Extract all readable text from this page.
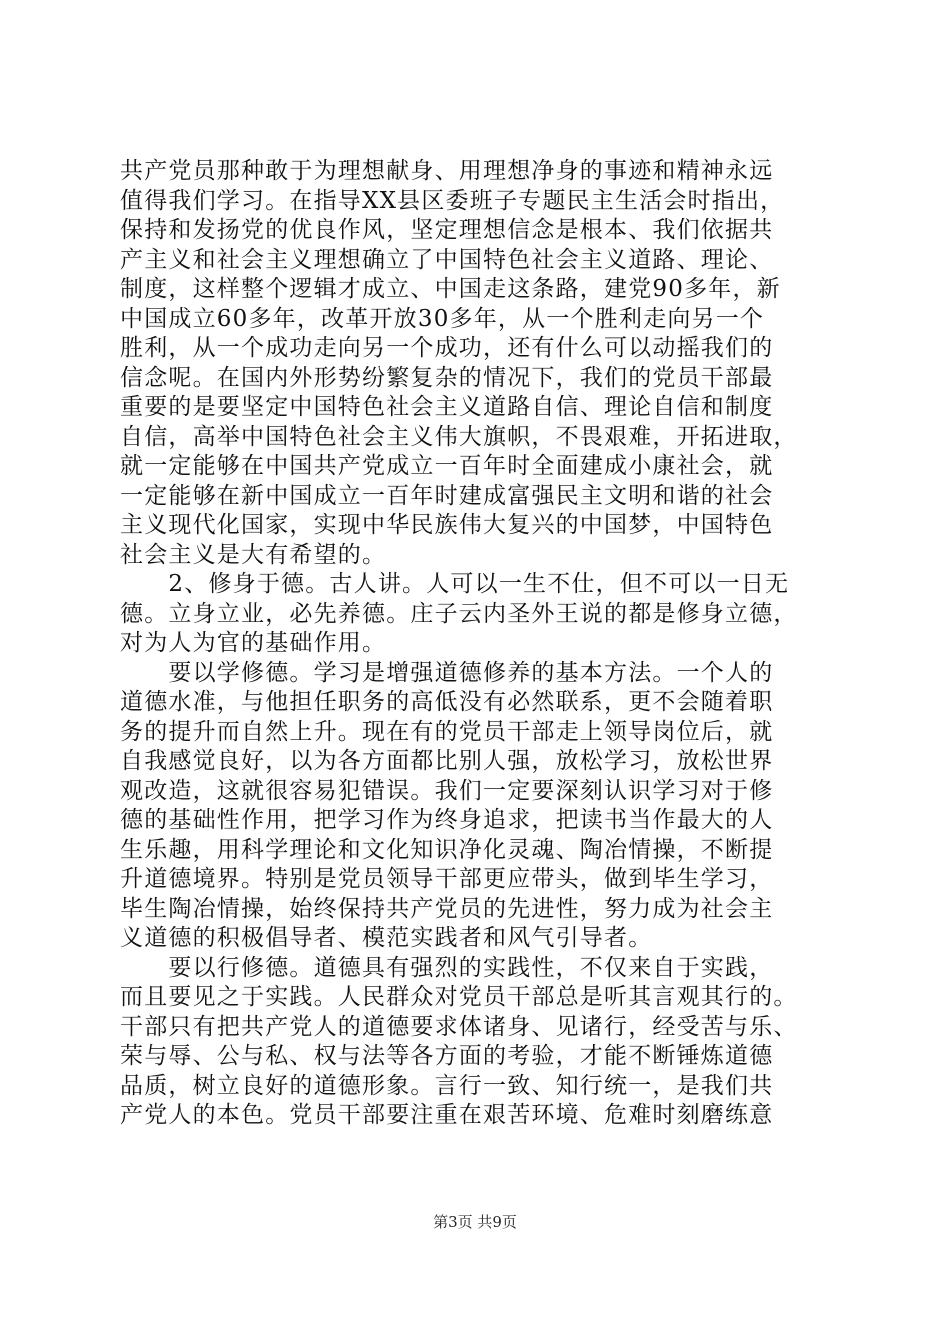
共产党员那种敢于为理想献身、用理想净身的事迹和精神永远
值得我们学习。在指导XX县区委班子专题民主生活会时指出，
保持和发扬党的优良作风，坚定理想信念是根本、我们依据共
产主义和社会主义理想确立了中国特色社会主义道路、理论、
制度，这样整个逻辑才成立、中国走这条路，建党90多年，新
中国成立60多年，改革开放30多年，从一个胜利走向另一个
胜利，从一个成功走向另一个成功，还有什么可以动摇我们的
信念呢。在国内外形势纷繁复杂的情况下，我们的党员干部最
重要的是要坚定中国特色社会主义道路自信、理论自信和制度
自信，高举中国特色社会主义伟大旗帜，不畏艰难，开拓进取，
就一定能够在中国共产党成立一百年时全面建成小康社会，就
一定能够在新中国成立一百年时建成富强民主文明和谐的社会
主义现代化国家，实现中华民族伟大复兴的中国梦，中国特色
社会主义是大有希望的。
　　2、修身于德。古人讲。人可以一生不仕，但不可以一日无
德。立身立业，必先养德。庄子云内圣外王说的都是修身立德，
对为人为官的基础作用。
　　要以学修德。学习是增强道德修养的基本方法。一个人的
道德水准，与他担任职务的高低没有必然联系，更不会随着职
务的提升而自然上升。现在有的党员干部走上领导岗位后，就
自我感觉良好，以为各方面都比别人强，放松学习，放松世界
观改造，这就很容易犯错误。我们一定要深刻认识学习对于修
德的基础性作用，把学习作为终身追求，把读书当作最大的人
生乐趣，用科学理论和文化知识净化灵魂、陶冶情操，不断提
升道德境界。特别是党员领导干部更应带头，做到毕生学习，
毕生陶冶情操，始终保持共产党员的先进性，努力成为社会主
义道德的积极倡导者、模范实践者和风气引导者。
　　要以行修德。道德具有强烈的实践性，不仅来自于实践，
而且要见之于实践。人民群众对党员干部总是听其言观其行的。
干部只有把共产党人的道德要求体诸身、见诸行，经受苦与乐、
荣与辱、公与私、权与法等各方面的考验，才能不断锤炼道德
品质，树立良好的道德形象。言行一致、知行统一，是我们共
产党人的本色。党员干部要注重在艰苦环境、危难时刻磨练意
第3页 共9页
